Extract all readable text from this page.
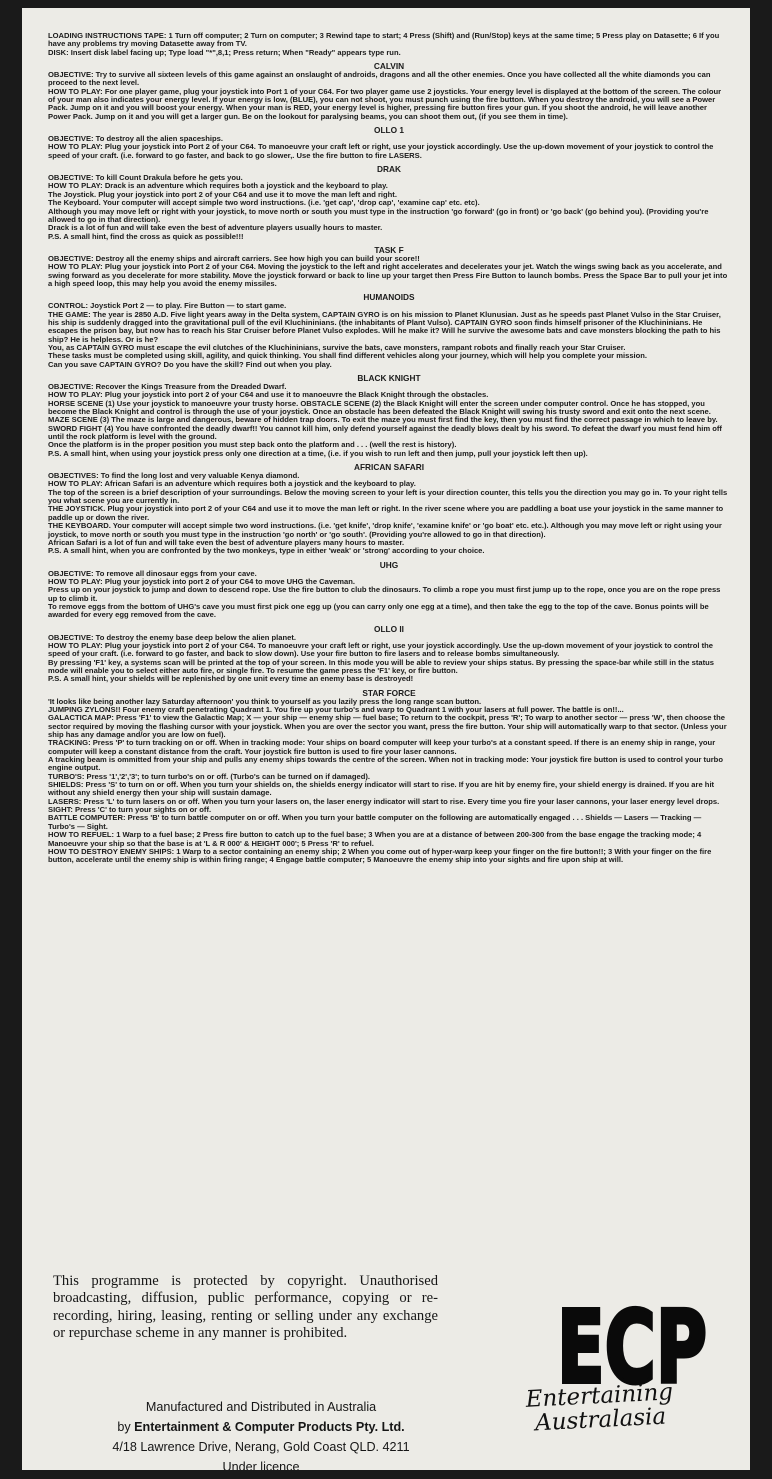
LOADING INSTRUCTIONS TAPE: 1 Turn off computer; 2 Turn on computer; 3 Rewind tape to start; 4 Press (Shift) and (Run/Stop) keys at the same time; 5 Press play on Datasette; 6 If you have any problems try moving Datasette away from TV.

DISK: Insert disk label facing up; Type load "*",8,1; Press return; When "Ready" appears type run.

CALVIN

OBJECTIVE: Try to survive all sixteen levels of this game against an onslaught of androids, dragons and all the other enemies. Once you have collected all the white diamonds you can proceed to the next level.

HOW TO PLAY: For one player game, plug your joystick into Port 1 of your C64. For two player game use 2 joysticks. Your energy level is displayed at the bottom of the screen. The colour of your man also indicates your energy level. If your energy is low, (BLUE), you can not shoot, you must punch using the fire button. When you destroy the android, you will see a Power Pack. Jump on it and you will boost your energy. When your man is RED, your energy level is higher, pressing fire button fires your gun. If you shoot the android, he will leave another Power Pack. Jump on it and you will get a larger gun. Be on the lookout for paralysing beams, you can shoot them out, (if you see them in time).

OLLO 1

OBJECTIVE: To destroy all the alien spaceships.

HOW TO PLAY: Plug your joystick into Port 2 of your C64. To manoeuvre your craft left or right, use your joystick accordingly. Use the up-down movement of your joystick to control the speed of your craft. (i.e. forward to go faster, and back to go slower,. Use the fire button to fire LASERS.

DRAK

OBJECTIVE: To kill Count Drakula before he gets you.

HOW TO PLAY: Drack is an adventure which requires both a joystick and the keyboard to play.

The Joystick. Plug your joystick into port 2 of your C64 and use it to move the man left and right.

The Keyboard. Your computer will accept simple two word instructions. (i.e. 'get cap', 'drop cap', 'examine cap' etc. etc).

Although you may move left or right with your joystick, to move north or south you must type in the instruction 'go forward' (go in front) or 'go back' (go behind you). (Providing you're allowed to go in that direction).

Drack is a lot of fun and will take even the best of adventure players usually hours to master.

P.S. A small hint, find the cross as quick as possible!!!

TASK F

OBJECTIVE: Destroy all the enemy ships and aircraft carriers. See how high you can build your score!!

HOW TO PLAY: Plug your joystick into Port 2 of your C64. Moving the joystick to the left and right accelerates and decelerates your jet. Watch the wings swing back as you accelerate, and swing forward as you decelerate for more stability. Move the joystick forward or back to line up your target then Press Fire Button to launch bombs. Press the Space Bar to pull your jet into a high speed loop, this may help you avoid the enemy missiles.

HUMANOIDS

CONTROL: Joystick Port 2 — to play. Fire Button — to start game.

THE GAME: The year is 2850 A.D. Five light years away in the Delta system, CAPTAIN GYRO is on his mission to Planet Klunusian. Just as he speeds past Planet Vulso in the Star Cruiser, his ship is suddenly dragged into the gravitational pull of the evil Kluchininians. (the inhabitants of Plant Vulso). CAPTAIN GYRO soon finds himself prisoner of the Kluchininians. He escapes the prison bay, but now has to reach his Star Cruiser before Planet Vulso explodes. Will he make it? Will he survive the awesome bats and cave monsters blocking the path to his ship? He is helpless. Or is he?

You, as CAPTAIN GYRO must escape the evil clutches of the Kluchininians, survive the bats, cave monsters, rampant robots and finally reach your Star Cruiser.

These tasks must be completed using skill, agility, and quick thinking. You shall find different vehicles along your journey, which will help you complete your mission.

Can you save CAPTAIN GYRO? Do you have the skill? Find out when you play.

BLACK KNIGHT

OBJECTIVE: Recover the Kings Treasure from the Dreaded Dwarf.

HOW TO PLAY: Plug your joystick into port 2 of your C64 and use it to manoeuvre the Black Knight through the obstacles.

HORSE SCENE (1) Use your joystick to manoeuvre your trusty horse. OBSTACLE SCENE (2) the Black Knight will enter the screen under computer control. Once he has stopped, you become the Black Knight and control is through the use of your joystick. Once an obstacle has been defeated the Black Knight will swing his trusty sword and exit onto the next scene.

MAZE SCENE (3) The maze is large and dangerous, beware of hidden trap doors. To exit the maze you must first find the key, then you must find the correct passage in which to leave by.

SWORD FIGHT (4) You have confronted the deadly dwarf!! You cannot kill him, only defend yourself against the deadly blows dealt by his sword. To defeat the dwarf you must fend him off until the rock platform is level with the ground.

Once the platform is in the proper position you must step back onto the platform and . . . (well the rest is history).

P.S. A small hint, when using your joystick press only one direction at a time, (i.e. if you wish to run left and then jump, pull your joystick left then up).

AFRICAN SAFARI

OBJECTIVES: To find the long lost and very valuable Kenya diamond.

HOW TO PLAY: African Safari is an adventure which requires both a joystick and the keyboard to play.

The top of the screen is a brief description of your surroundings. Below the moving screen to your left is your direction counter, this tells you the direction you may go in. To your right tells you what scene you are currently in.

THE JOYSTICK. Plug your joystick into port 2 of your C64 and use it to move the man left or right. In the river scene where you are paddling a boat use your joystick in the same manner to paddle up or down the river.

THE KEYBOARD. Your computer will accept simple two word instructions. (i.e. 'get knife', 'drop knife', 'examine knife' or 'go boat' etc. etc.). Although you may move left or right using your joystick, to move north or south you must type in the instruction 'go north' or 'go south'. (Providing you're allowed to go in that direction).

African Safari is a lot of fun and will take even the best of adventure players many hours to master.

P.S. A small hint, when you are confronted by the two monkeys, type in either 'weak' or 'strong' according to your choice.

UHG

OBJECTIVE: To remove all dinosaur eggs from your cave.

HOW TO PLAY: Plug your joystick into port 2 of your C64 to move UHG the Caveman.

Press up on your joystick to jump and down to descend rope. Use the fire button to club the dinosaurs. To climb a rope you must first jump up to the rope, once you are on the rope press up to climb it.

To remove eggs from the bottom of UHG's cave you must first pick one egg up (you can carry only one egg at a time), and then take the egg to the top of the cave. Bonus points will be awarded for every egg removed from the cave.

OLLO II

OBJECTIVE: To destroy the enemy base deep below the alien planet.

HOW TO PLAY: Plug your joystick into port 2 of your C64. To manoeuvre your craft left or right, use your joystick accordingly. Use the up-down movement of your joystick to control the speed of your craft. (i.e. forward to go faster, and back to slow down). Use your fire button to fire lasers and to release bombs simultaneously.

By pressing 'F1' key, a systems scan will be printed at the top of your screen. In this mode you will be able to review your ships status. By pressing the space-bar while still in the status mode will enable you to select either auto fire, or single fire. To resume the game press the 'F1' key, or fire button.

P.S. A small hint, your shields will be replenished by one unit every time an enemy base is destroyed!

STAR FORCE

'It looks like being another lazy Saturday afternoon' you think to yourself as you lazily press the long range scan button.

JUMPING ZYLONS!! Four enemy craft penetrating Quadrant 1. You fire up your turbo's and warp to Quadrant 1 with your lasers at full power. The battle is on!!...

GALACTICA MAP: Press 'F1' to view the Galactic Map; X — your ship — enemy ship — fuel base; To return to the cockpit, press 'R'; To warp to another sector — press 'W', then choose the sector required by moving the flashing cursor with your joystick. When you are over the sector you want, press the fire button. Your ship will automatically warp to that sector. (Unless your ship has any damage and/or you are low on fuel).

TRACKING: Press 'P' to turn tracking on or off. When in tracking mode: Your ships on board computer will keep your turbo's at a constant speed. If there is an enemy ship in range, your computer will keep a constant distance from the craft. Your joystick fire button is used to fire your laser cannons.

A tracking beam is ommitted from your ship and pulls any enemy ships towards the centre of the screen. When not in tracking mode: Your joystick fire button is used to control your turbo engine output.

TURBO'S: Press '1','2','3'; to turn turbo's on or off. (Turbo's can be turned on if damaged).

SHIELDS: Press 'S' to turn on or off. When you turn your shields on, the shields energy indicator will start to rise. If you are hit by enemy fire, your shield energy is drained. If you are hit without any shield energy then your ship will sustain damage.

LASERS: Press 'L' to turn lasers on or off. When you turn your lasers on, the laser energy indicator will start to rise. Every time you fire your laser cannons, your laser energy level drops.

SIGHT: Press 'C' to turn your sights on or off.

BATTLE COMPUTER: Press 'B' to turn battle computer on or off. When you turn your battle computer on the following are automatically engaged . . . Shields — Lasers — Tracking — Turbo's — Sight.

HOW TO REFUEL: 1 Warp to a fuel base; 2 Press fire button to catch up to the fuel base; 3 When you are at a distance of between 200-300 from the base engage the tracking mode; 4 Manoeuvre your ship so that the base is at 'L & R 000' & HEIGHT 000'; 5 Press 'R' to refuel.

HOW TO DESTROY ENEMY SHIPS: 1 Warp to a sector containing an enemy ship; 2 When you come out of hyper-warp keep your finger on the fire button!!; 3 With your finger on the fire button, accelerate until the enemy ship is within firing range; 4 Engage battle computer; 5 Manoeuvre the enemy ship into your sights and fire upon ship at will.

This programme is protected by copyright. Unauthorised broadcasting, diffusion, public performance, copying or re-recording, hiring, leasing, renting or selling under any exchange or repurchase scheme in any manner is prohibited.
Manufactured and Distributed in Australia
by Entertainment & Computer Products Pty. Ltd.
4/18 Lawrence Drive, Nerang, Gold Coast QLD. 4211
Under licence
ECP
Entertaining
Australasia
